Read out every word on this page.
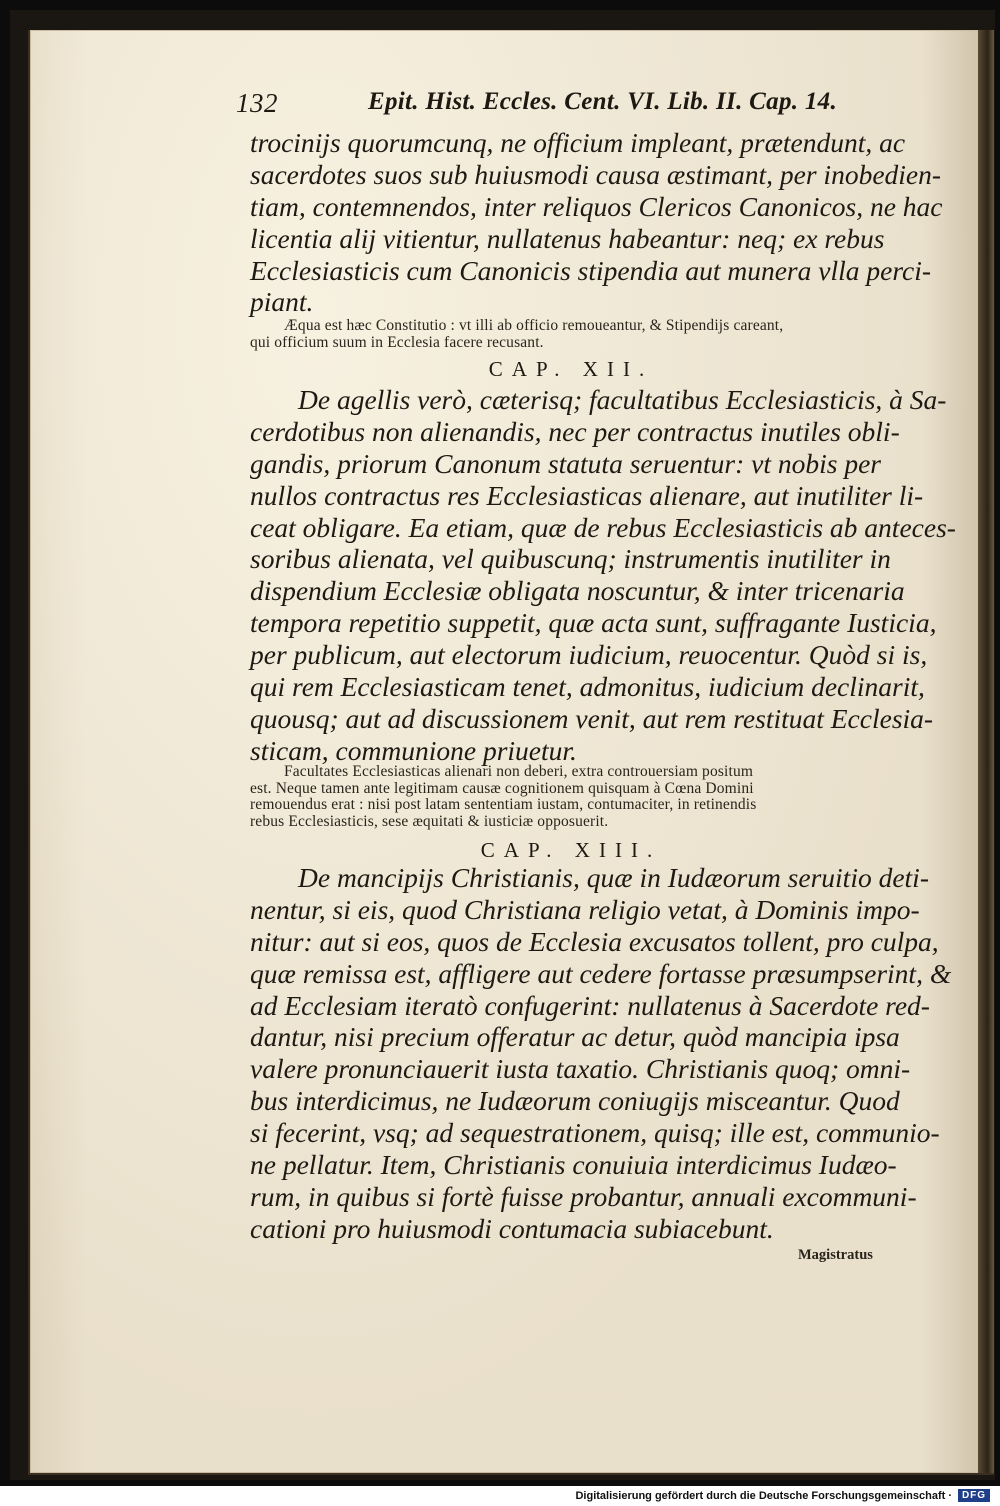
132	Epit. Hist. Eccles. Cent. VI. Lib. II. Cap. 14.
trocinijs quorumcunq, ne officium impleant, prætendunt, ac
sacerdotes suos sub huiusmodi causa æstimant, per inobedien-
tiam, contemnendos, inter reliquos Clericos Canonicos, ne hac
licentia alij vitientur, nullatenus habeantur: neq; ex rebus
Ecclesiasticis cum Canonicis stipendia aut munera vlla perci-
piant.
Æqua est hæc Constitutio : vt illi ab officio remoueantur, & Stipendijs careant,
qui officium suum in Ecclesia facere recusant.
CAP. XII.
De agellis verò, cæterisq; facultatibus Ecclesiasticis, à Sa-
cerdotibus non alienandis, nec per contractus inutiles obli-
gandis, priorum Canonum statuta seruentur: vt nobis per
nullos contractus res Ecclesiasticas alienare, aut inutiliter li-
ceat obligare. Ea etiam, quæ de rebus Ecclesiasticis ab anteces-
soribus alienata, vel quibuscunq; instrumentis inutiliter in
dispendium Ecclesiæ obligata noscuntur, & inter tricenaria
tempora repetitio suppetit, quæ acta sunt, suffragante Iusticia,
per publicum, aut electorum iudicium, reuocentur. Quòd si is,
qui rem Ecclesiasticam tenet, admonitus, iudicium declinarit,
quousq; aut ad discussionem venit, aut rem restituat Ecclesia-
sticam, communione priuetur.
Facultates Ecclesiasticas alienari non deberi, extra controuersiam positum
est. Neque tamen ante legitimam causæ cognitionem quisquam à Cœna Domini
remouendus erat : nisi post latam sententiam iustam, contumaciter, in retinendis
rebus Ecclesiasticis, sese æquitati & iusticiæ opposuerit.
CAP. XIII.
De mancipijs Christianis, quæ in Iudæorum seruitio deti-
nentur, si eis, quod Christiana religio vetat, à Dominis impo-
nitur: aut si eos, quos de Ecclesia excusatos tollent, pro culpa,
quæ remissa est, affligere aut cedere fortasse præsumpserint, &
ad Ecclesiam iteratò confugerint: nullatenus à Sacerdote red-
dantur, nisi precium offeratur ac detur, quòd mancipia ipsa
valere pronunciauerit iusta taxatio. Christianis quoq; omni-
bus interdicimus, ne Iudæorum coniugijs misceantur. Quod
si fecerint, vsq; ad sequestrationem, quisq; ille est, communio-
ne pellatur. Item, Christianis conuiuia interdicimus Iudæo-
rum, in quibus si fortè fuisse probantur, annuali excommuni-
cationi pro huiusmodi contumacia subiacebunt.
Magistratus
Digitalisierung gefördert durch die Deutsche Forschungsgemeinschaft · DFG
